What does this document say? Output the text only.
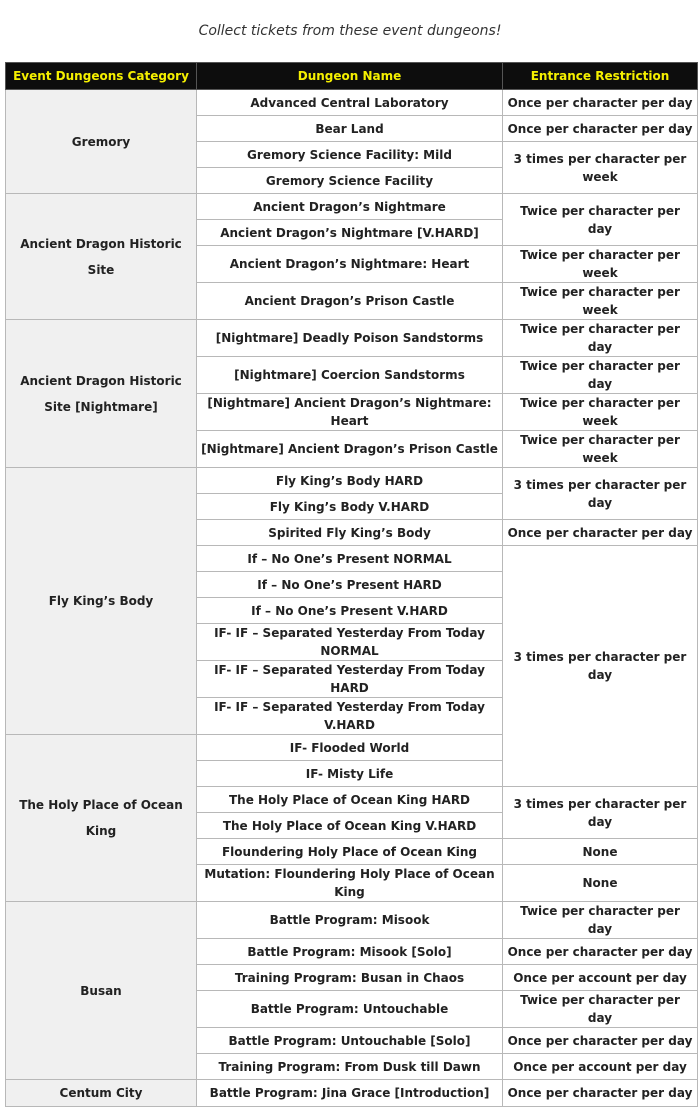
Collect tickets from these event dungeons!
Event Dungeons Category	Dungeon Name	Entrance Restriction
Gremory	Advanced Central Laboratory	Once per character per day
	Bear Land	Once per character per day
	Gremory Science Facility: Mild	3 times per character per week
	Gremory Science Facility	
Ancient Dragon Historic Site	Ancient Dragon’s Nightmare	Twice per character per day
	Ancient Dragon’s Nightmare [V.HARD]	
	Ancient Dragon’s Nightmare: Heart	Twice per character per week
	Ancient Dragon’s Prison Castle	Twice per character per week
Ancient Dragon Historic Site [Nightmare]	[Nightmare] Deadly Poison Sandstorms	Twice per character per day
	[Nightmare] Coercion Sandstorms	Twice per character per day
	[Nightmare] Ancient Dragon’s Nightmare: Heart	Twice per character per week
	[Nightmare] Ancient Dragon’s Prison Castle	Twice per character per week
Fly King’s Body	Fly King’s Body HARD	3 times per character per day
	Fly King’s Body V.HARD	
	Spirited Fly King’s Body	Once per character per day
	If – No One’s Present NORMAL	3 times per character per day
	If – No One’s Present HARD	
	If – No One’s Present V.HARD	
	IF- IF – Separated Yesterday From Today NORMAL	
	IF- IF – Separated Yesterday From Today HARD	
	IF- IF – Separated Yesterday From Today V.HARD	
The Holy Place of Ocean King	IF- Flooded World	
	IF- Misty Life	
	The Holy Place of Ocean King HARD	3 times per character per day
	The Holy Place of Ocean King V.HARD	
	Floundering Holy Place of Ocean King	None
	Mutation: Floundering Holy Place of Ocean King	None
Busan	Battle Program: Misook	Twice per character per day
	Battle Program: Misook [Solo]	Once per character per day
	Training Program: Busan in Chaos	Once per account per day
	Battle Program: Untouchable	Twice per character per day
	Battle Program: Untouchable [Solo]	Once per character per day
	Training Program: From Dusk till Dawn	Once per account per day
Centum City	Battle Program: Jina Grace [Introduction]	Once per character per day
